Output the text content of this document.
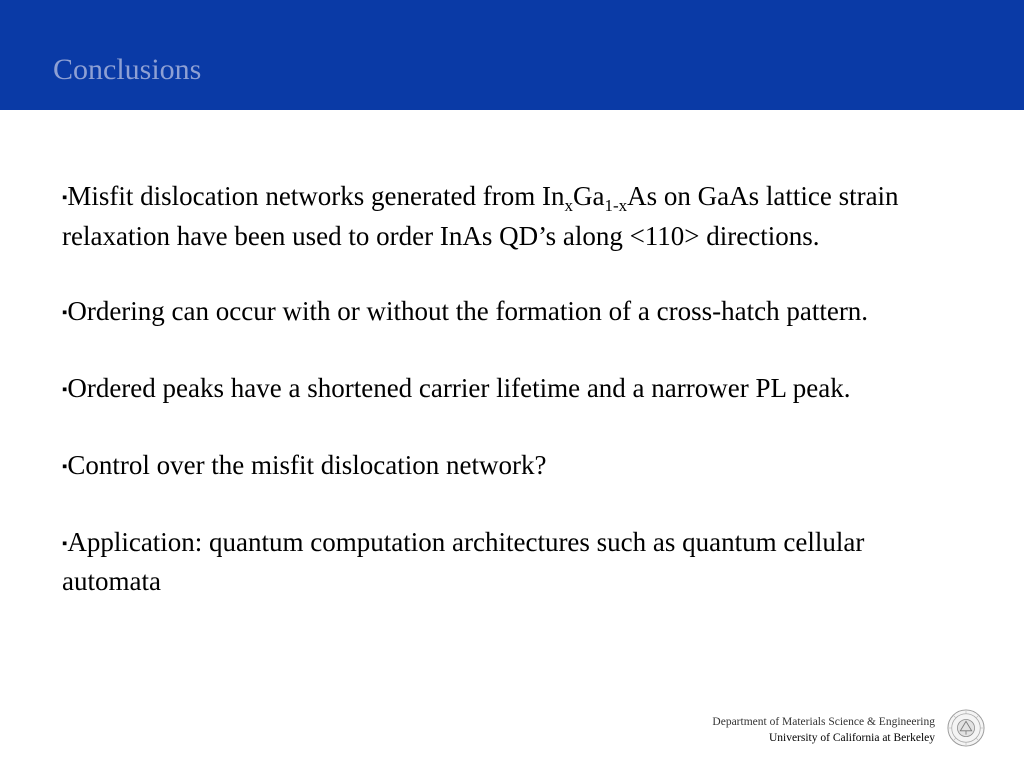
Conclusions

▪Misfit dislocation networks generated from $In_xGa_{1-x}As$ on GaAs lattice strain relaxation have been used to order InAs QD’s along <110> directions.

▪Ordering can occur with or without the formation of a cross-hatch pattern.

▪Ordered peaks have a shortened carrier lifetime and a narrower PL peak.

▪Control over the misfit dislocation network?

▪Application: quantum computation architectures such as quantum cellular automata

Department of Materials Science & Engineering
University of California at Berkeley
